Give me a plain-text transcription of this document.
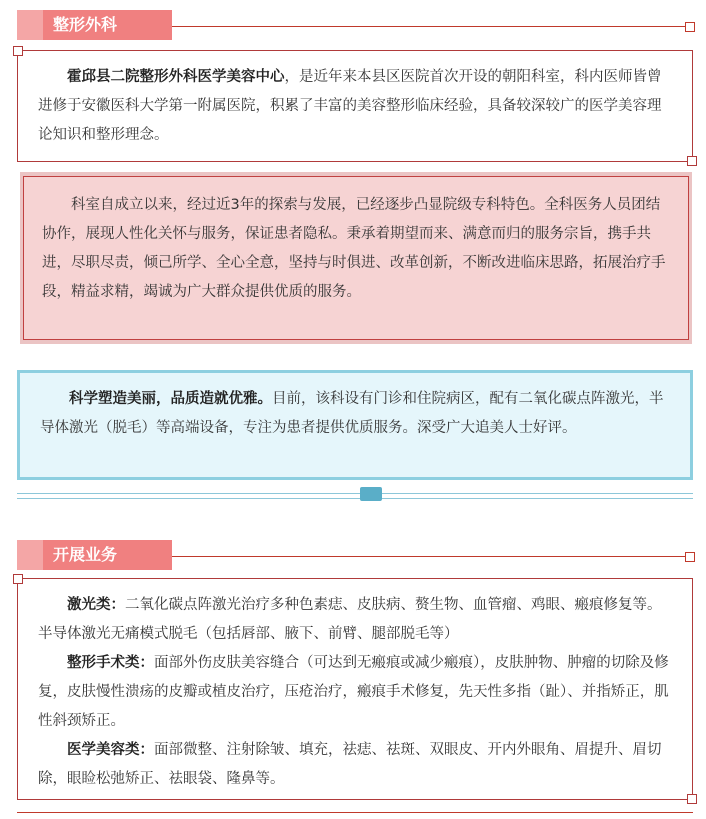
整形外科

霍邱县二院整形外科医学美容中心，是近年来本县区医院首次开设的朝阳科室，科内医师皆曾进修于安徽医科大学第一附属医院，积累了丰富的美容整形临床经验，具备较深较广的医学美容理论知识和整形理念。

科室自成立以来，经过近3年的探索与发展，已经逐步凸显院级专科特色。全科医务人员团结协作，展现人性化关怀与服务，保证患者隐私。秉承着期望而来、满意而归的服务宗旨，携手共进，尽职尽责，倾己所学、全心全意，坚持与时俱进、改革创新，不断改进临床思路，拓展治疗手段，精益求精，竭诚为广大群众提供优质的服务。

科学塑造美丽，品质造就优雅。目前，该科设有门诊和住院病区，配有二氧化碳点阵激光，半导体激光（脱毛）等高端设备，专注为患者提供优质服务。深受广大追美人士好评。

开展业务

激光类：二氧化碳点阵激光治疗多种色素痣、皮肤病、赘生物、血管瘤、鸡眼、瘢痕修复等。 半导体激光无痛模式脱毛（包括唇部、腋下、前臂、腿部脱毛等）

整形手术类：面部外伤皮肤美容缝合（可达到无瘢痕或减少瘢痕），皮肤肿物、肿瘤的切除及修复，皮肤慢性溃疡的皮瓣或植皮治疗，压疮治疗，瘢痕手术修复，先天性多指（趾）、并指矫正，肌性斜颈矫正。

医学美容类：面部微整、注射除皱、填充，祛痣、祛斑、双眼皮、开内外眼角、眉提升、眉切除，眼睑松弛矫正、祛眼袋、隆鼻等。
